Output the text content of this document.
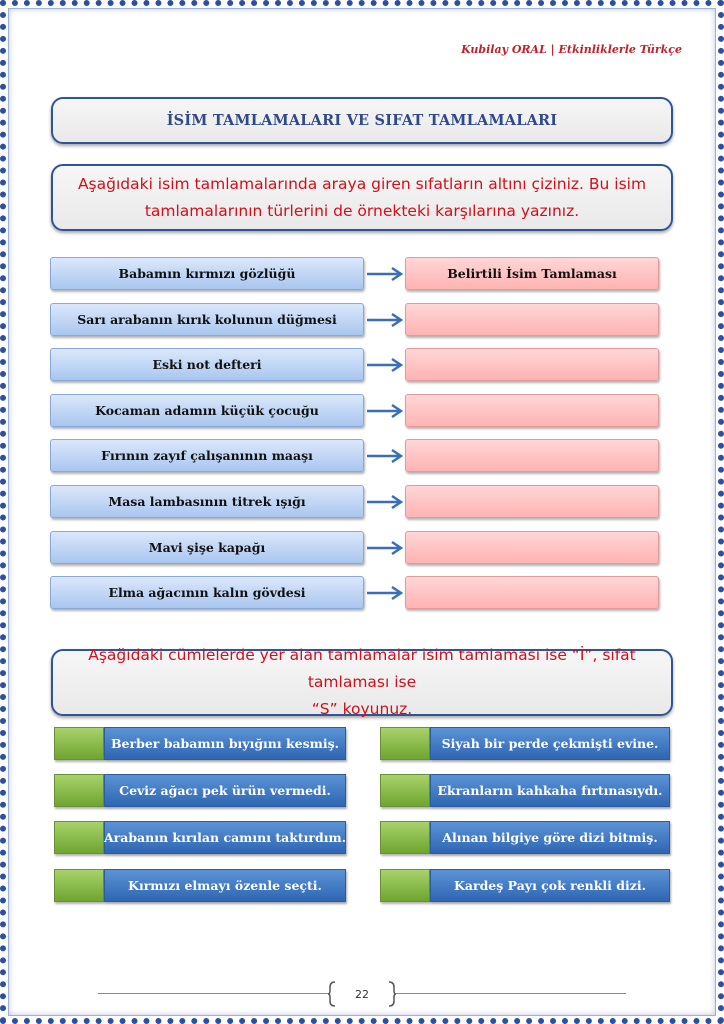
Kubilay ORAL | Etkinliklerle Türkçe
İSİM TAMLAMALARI VE SIFAT TAMLAMALARI
Aşağıdaki isim tamlamalarında araya giren sıfatların altını çiziniz. Bu isim
tamlamalarının türlerini de örnekteki karşılarına yazınız.
Babamın kırmızı gözlüğü
Sarı arabanın kırık kolunun düğmesi
Eski not defteri
Kocaman adamın küçük çocuğu
Fırının zayıf çalışanının maaşı
Masa lambasının titrek ışığı
Mavi şişe kapağı
Elma ağacının kalın gövdesi
Belirtili İsim Tamlaması
Aşağıdaki cümlelerde yer alan tamlamalar isim tamlaması ise “İ”, sıfat tamlaması ise
“S” koyunuz.
Berber babamın bıyığını kesmiş.
Ceviz ağacı pek ürün vermedi.
Arabanın kırılan camını taktırdım.
Kırmızı elmayı özenle seçti.
Siyah bir perde çekmişti evine.
Ekranların kahkaha fırtınasıydı.
Alınan bilgiye göre dizi bitmiş.
Kardeş Payı çok renkli dizi.
22
